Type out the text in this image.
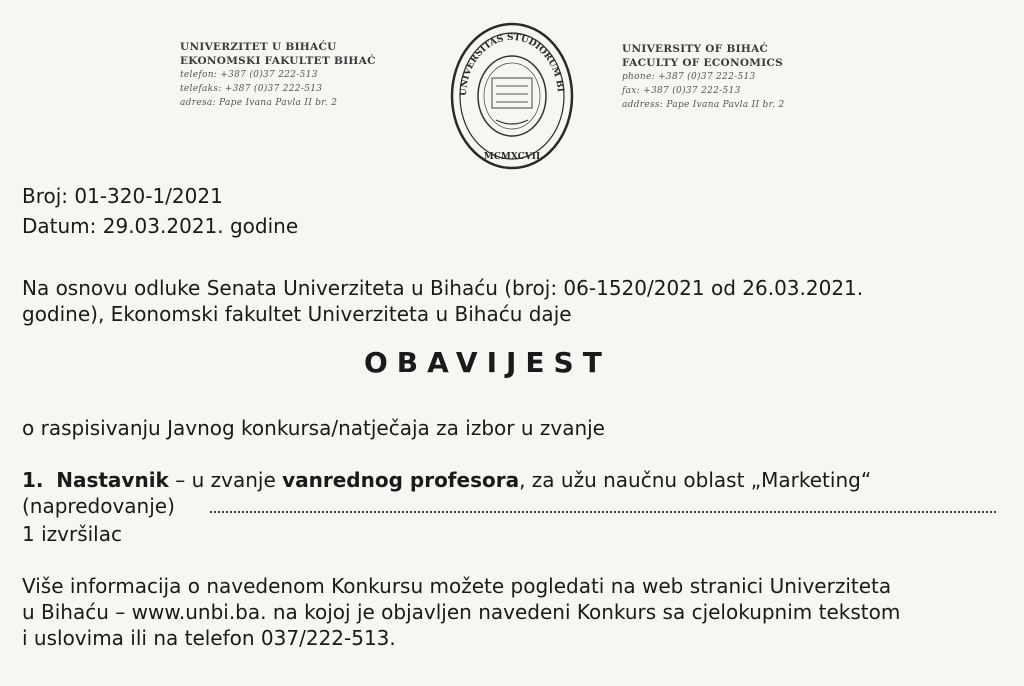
UNIVERZITET U BIHAĆU
EKONOMSKI FAKULTET BIHAĆ
telefon: +387 (0)37 222-513
telefaks: +387 (0)37 222-513
adresa: Pape Ivana Pavla II br. 2
UNIVERSITAS STUDIORUM BI
MCMXCVII
UNIVERSITY OF BIHAĆ
FACULTY OF ECONOMICS
phone: +387 (0)37 222-513
fax: +387 (0)37 222-513
address: Pape Ivana Pavla II br. 2
Broj: 01-320-1/2021
Datum: 29.03.2021. godine
Na osnovu odluke Senata Univerziteta u Bihaću (broj: 06-1520/2021 od 26.03.2021.
godine), Ekonomski fakultet Univerziteta u Bihaću daje
OBAVIJEST
o raspisivanju Javnog konkursa/natječaja za izbor u zvanje
1. Nastavnik – u zvanje vanrednog profesora, za užu naučnu oblast „Marketing“
(napredovanje)
1 izvršilac
Više informacija o navedenom Konkursu možete pogledati na web stranici Univerziteta
u Bihaću – www.unbi.ba. na kojoj je objavljen navedeni Konkurs sa cjelokupnim tekstom
i uslovima ili na telefon 037/222-513.
